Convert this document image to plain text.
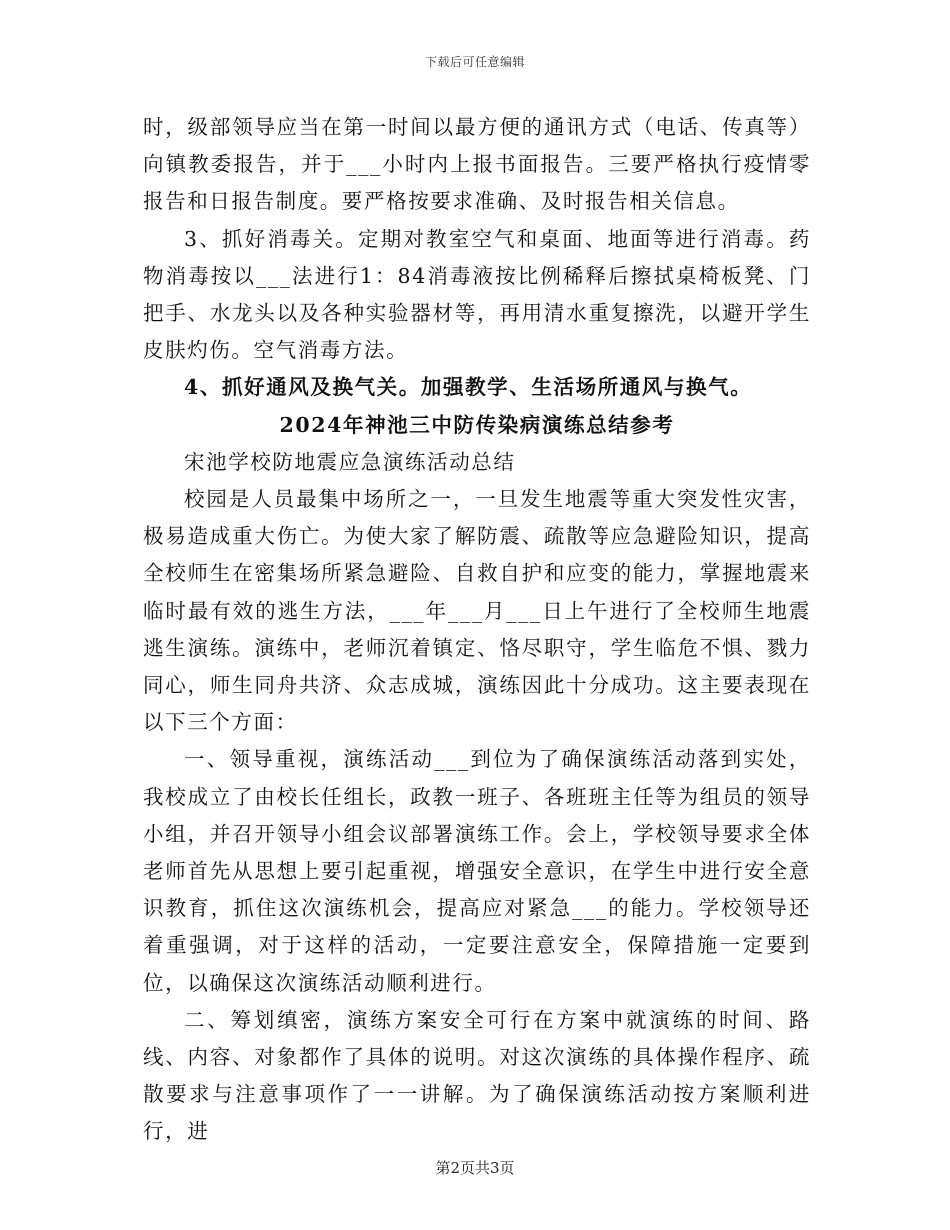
下载后可任意编辑

时，级部领导应当在第一时间以最方便的通讯方式（电话、传真等）向镇教委报告，并于___小时内上报书面报告。三要严格执行疫情零报告和日报告制度。要严格按要求准确、及时报告相关信息。

3、抓好消毒关。定期对教室空气和桌面、地面等进行消毒。药物消毒按以___法进行1：84消毒液按比例稀释后擦拭桌椅板凳、门把手、水龙头以及各种实验器材等，再用清水重复擦洗，以避开学生皮肤灼伤。空气消毒方法。

4、抓好通风及换气关。加强教学、生活场所通风与换气。

2024年神池三中防传染病演练总结参考

宋池学校防地震应急演练活动总结

校园是人员最集中场所之一，一旦发生地震等重大突发性灾害，极易造成重大伤亡。为使大家了解防震、疏散等应急避险知识，提高全校师生在密集场所紧急避险、自救自护和应变的能力，掌握地震来临时最有效的逃生方法，___年___月___日上午进行了全校师生地震逃生演练。演练中，老师沉着镇定、恪尽职守，学生临危不惧、戮力同心，师生同舟共济、众志成城，演练因此十分成功。这主要表现在以下三个方面：

一、领导重视，演练活动___到位为了确保演练活动落到实处，我校成立了由校长任组长，政教一班子、各班班主任等为组员的领导小组，并召开领导小组会议部署演练工作。会上，学校领导要求全体老师首先从思想上要引起重视，增强安全意识，在学生中进行安全意识教育，抓住这次演练机会，提高应对紧急___的能力。学校领导还着重强调，对于这样的活动，一定要注意安全，保障措施一定要到位，以确保这次演练活动顺利进行。

二、筹划缜密，演练方案安全可行在方案中就演练的时间、路线、内容、对象都作了具体的说明。对这次演练的具体操作程序、疏散要求与注意事项作了一一讲解。为了确保演练活动按方案顺利进行，进

第2页共3页
